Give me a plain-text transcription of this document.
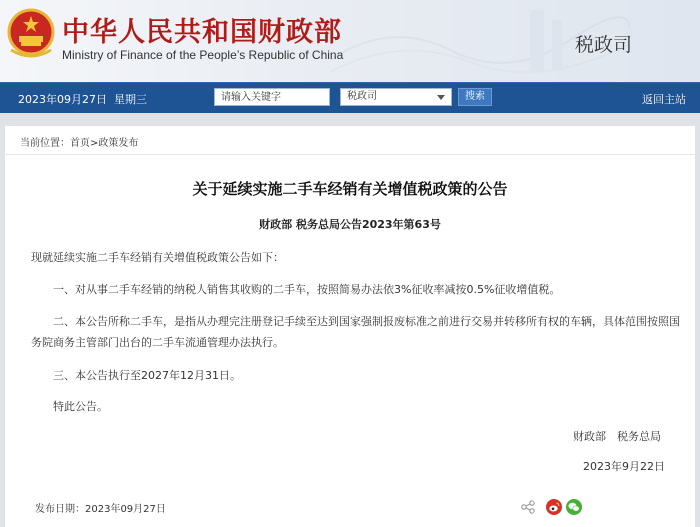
中华人民共和国财政部
Ministry of Finance of the People’s Republic of China	税政司
2023年09月27日 星期三	请输入关键字	税政司	搜索	返回主站
当前位置：首页>政策发布
关于延续实施二手车经销有关增值税政策的公告
财政部 税务总局公告2023年第63号
现就延续实施二手车经销有关增值税政策公告如下：
一、对从事二手车经销的纳税人销售其收购的二手车，按照简易办法依3%征收率减按0.5%征收增值税。
二、本公告所称二手车，是指从办理完注册登记手续至达到国家强制报废标准之前进行交易并转移所有权的车辆，具体范围按照国务院商务主管部门出台的二手车流通管理办法执行。
三、本公告执行至2027年12月31日。
特此公告。
财政部　税务总局
2023年9月22日
发布日期：2023年09月27日
